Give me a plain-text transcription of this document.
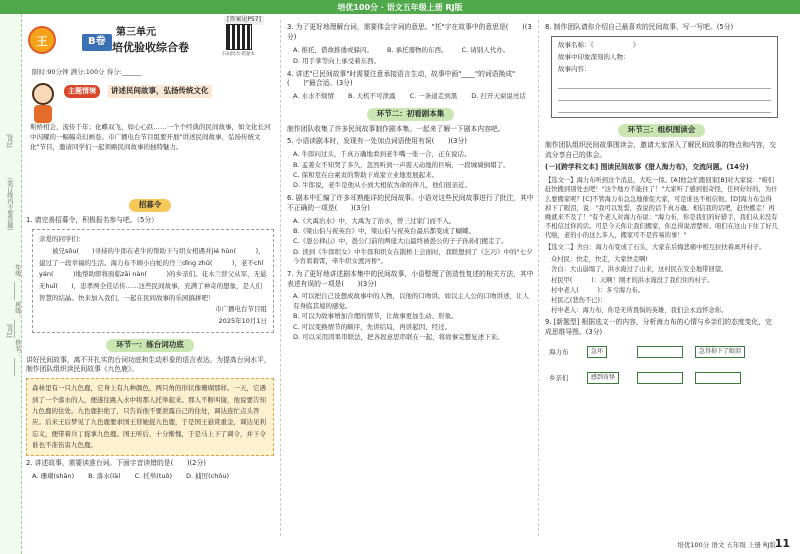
培优100分 · 语文五年级上册 RJ版
|页1|
（装订线内不要答题）
年级：______ 班级：______ 姓名：______
|页1|
王	B卷
第三单元
培优验收综合卷
[答案见P57]
扫码批改·错题本
限时:90分钟 满分:100分 得分:______
主题情境	讲述民间故事，弘扬传统文化
斯桥相会，流传千年；化蝶双飞，如心心跃……一个个经典的民间故事，如文化长河中闪耀的一幅幅奇幻画卷。市广播电台节目组要开展"讲述民间故事，弘扬传统文化"节目，邀请同学们一起领略民间故事的独特魅力。
招募令
1. 请完善招募令，积极报名参与吧。（5分）
亲爱的同学们：
　　被兄sōu(　　)寻持的牛郎在老牛的帮助下与织女相遇并jié hūn(　　　)，建过了一段幸福的生活。海力布不顾小白蛇的丹三dīng zhǔ(　　　)，老不chǐ yán(　　　)地帮助即将面临zāi nàn(　　　)的乡亲们。花木兰替父从军，无悬无huǐ(　　)，忠孝两全佳话传……这些民间故事，充满了神奇的想象，是人们智慧的结晶。快来加入我们，一起在民间故事的乐园搞拼吧！
市广播电台节目组
2025年10月1日
环节一：练台词功底
讲好民间故事，离不开扎实的台词功底和生动形象的语言表达。为提高台词水平，制作团队组织读民间故事《九色鹿》。
森林里有一只九色鹿，它身上有九种颜色，两只角的形状像珊瑚那样。一天，它遇到了一个落水的人，便遂往跳入水中将那人托举起来。那人不断叫谢，他说要告知九色鹿的住处。九色鹿拒绝了，只告诉他不要泄露自己的住处，调达连忙点头答应。后来王后梦见了九色鹿要求国王替她捉九色鹿，于是国王悬赏重金，调达见利忘义，便带着兵丁捉拿九色鹿。国王听后，十分惭愧，于是马上下了调令，并下令谁也不准伤害九色鹿。
2. 讲述故事，需要读准台词。下面字音读错的是(　　)(2分)
A. 珊瑚(shān) B. 落水(là) C. 托举(tuō) D. 捕厉(chōu)
3. 为了更好地理解台词，需要体会字词的意思。"托"字在故事中的意思是(　　)(3分)
A. 推托，借故推诿或躲闪。 B. 承托器物的东西。 C. 请别人代办。
D. 用手掌等向上承受着东西。
4. 讲述"已民间故事"时需要注意承接语言生动，故事中画"____"的词语换成"(　　)"最合适。(3分)
A. 水水不烦情 B. 天机不可泄露 C. 一条道走到黑 D. 打开天窗说亮话
环节二：初看剧本集
制作团队收集了许多民间故事制作剧本集。一起来了解一下剧本内容吧。
5. 小语读剧本时，发现有一处加点词语使用有误(　　)(3分)
A. 牛郎问过头，千真万确地看到老牛嘴一张一合，正在说话。
B. 孟姜女不知哭了多久，忽然听到一声震天动地的巨响，一段城墙倒塌了。
C. 保和堂在白素贞的帮助下成家立业地发展起来。
D. 牛郎说，老牛是他从小到大相依为命的伴儿，他们很亲近。
6. 剧本中汇编了许多耳熟能详的民间故事。小语对这些民间故事进行了批注，其中不正确的一项是(　　)(3分)
A.《大禹治水》中，大禹为了治水，曾三过家门而不入。
B.《梁山伯与祝英台》中，梁山伯与祝英台最后都变成了蝴蝶。
C.《愚公移山》中，愚公门前的两座大山最终被愚公的子子孙孙们搬走了。
D. 读到《牛郎织女》中牛郎和织女在鹊桥上会面时，我联想到了《乞巧》中的"七夕今宵看碧霄，牵牛织女渡河桥"。
7. 为了更好地讲述剧本集中的民间故事，小语整理了创造性复述的相关方法，其中表述有误的一项是(　　)(3分)
A. 可以把自己设想成故事中的人物，以他的口吻讲。如以主人公的口吻讲述，让人有身临其境的感觉。
B. 可以为故事增加合理的情节，让故事更加生动、形象。
C. 可以变换情节的顺序，先讲结局，再讲起因、经过。
D. 可以采用因果串联法，把各段意思串联在一起，将故事完整复述下来。
8. 制作团队请你介绍自己最喜欢的民间故事，写一写吧。(5分)
故事名称：《　　　　　　》
故事中印象深刻的人物：
故事内容：
环节三：组织围读会
制作团队组织民间故事围读会，邀请大家深入了解民间故事的特点和内容，交流分享自己的体会。
(一)[跨学科文本] 围读民间故事《猎人海力布》，交流问题。(14分)
【选文一】海力布听到这个消息，大吃一惊。[A]他急忙跑回家[B]对大家说："咱们赶快搬到别处去吧！"这个地方不能住了！"大家听了感到很奇怪，任何好好的，为什么要搬家呢？[C]不管海力布急急地催促大家，可是谁也不相信他。[D]海力布急得掉下了眼泪，说："我可以发誓，我说的话千真万确。相信我的话吧，赶快搬走！再晚就来不及了！"有个老人对海力布说："海力布，你是我们的好猎手，我们从来没有不相信过你的话。可是今天你让我们搬家，你总得说清楚呀。咱们在这山下住了好几代啦，老的小的这么多人，搬家可不是容易的事！"
【选文二】舍白：海力布变成了石头，大家在后悔悲痛中相互拉扶着离开村子。
众村民：快走，快走，大家快走啊!
舍白：大山崩塌了，洪水淹过了山来，这村民在安全地带回望。
村民甲(　　　)：天啊！刚才的洪水淹没了我们住的村子。
村中老人(　　　)：多亏海力布。
村民乙(悲伤不已)：
村中老人：海力布，你是无所畏惧的英雄，我们会永远怀念你。
9. [新题型] 根据选文一的内容，分析海力布的心情与乡亲们的态度变化，完成思维导图。(3分)
海力布
乡亲们
急坏	急得掉下了眼泪
感到奇怪
培优100分 语文 五年级 上册 RJ版
11
